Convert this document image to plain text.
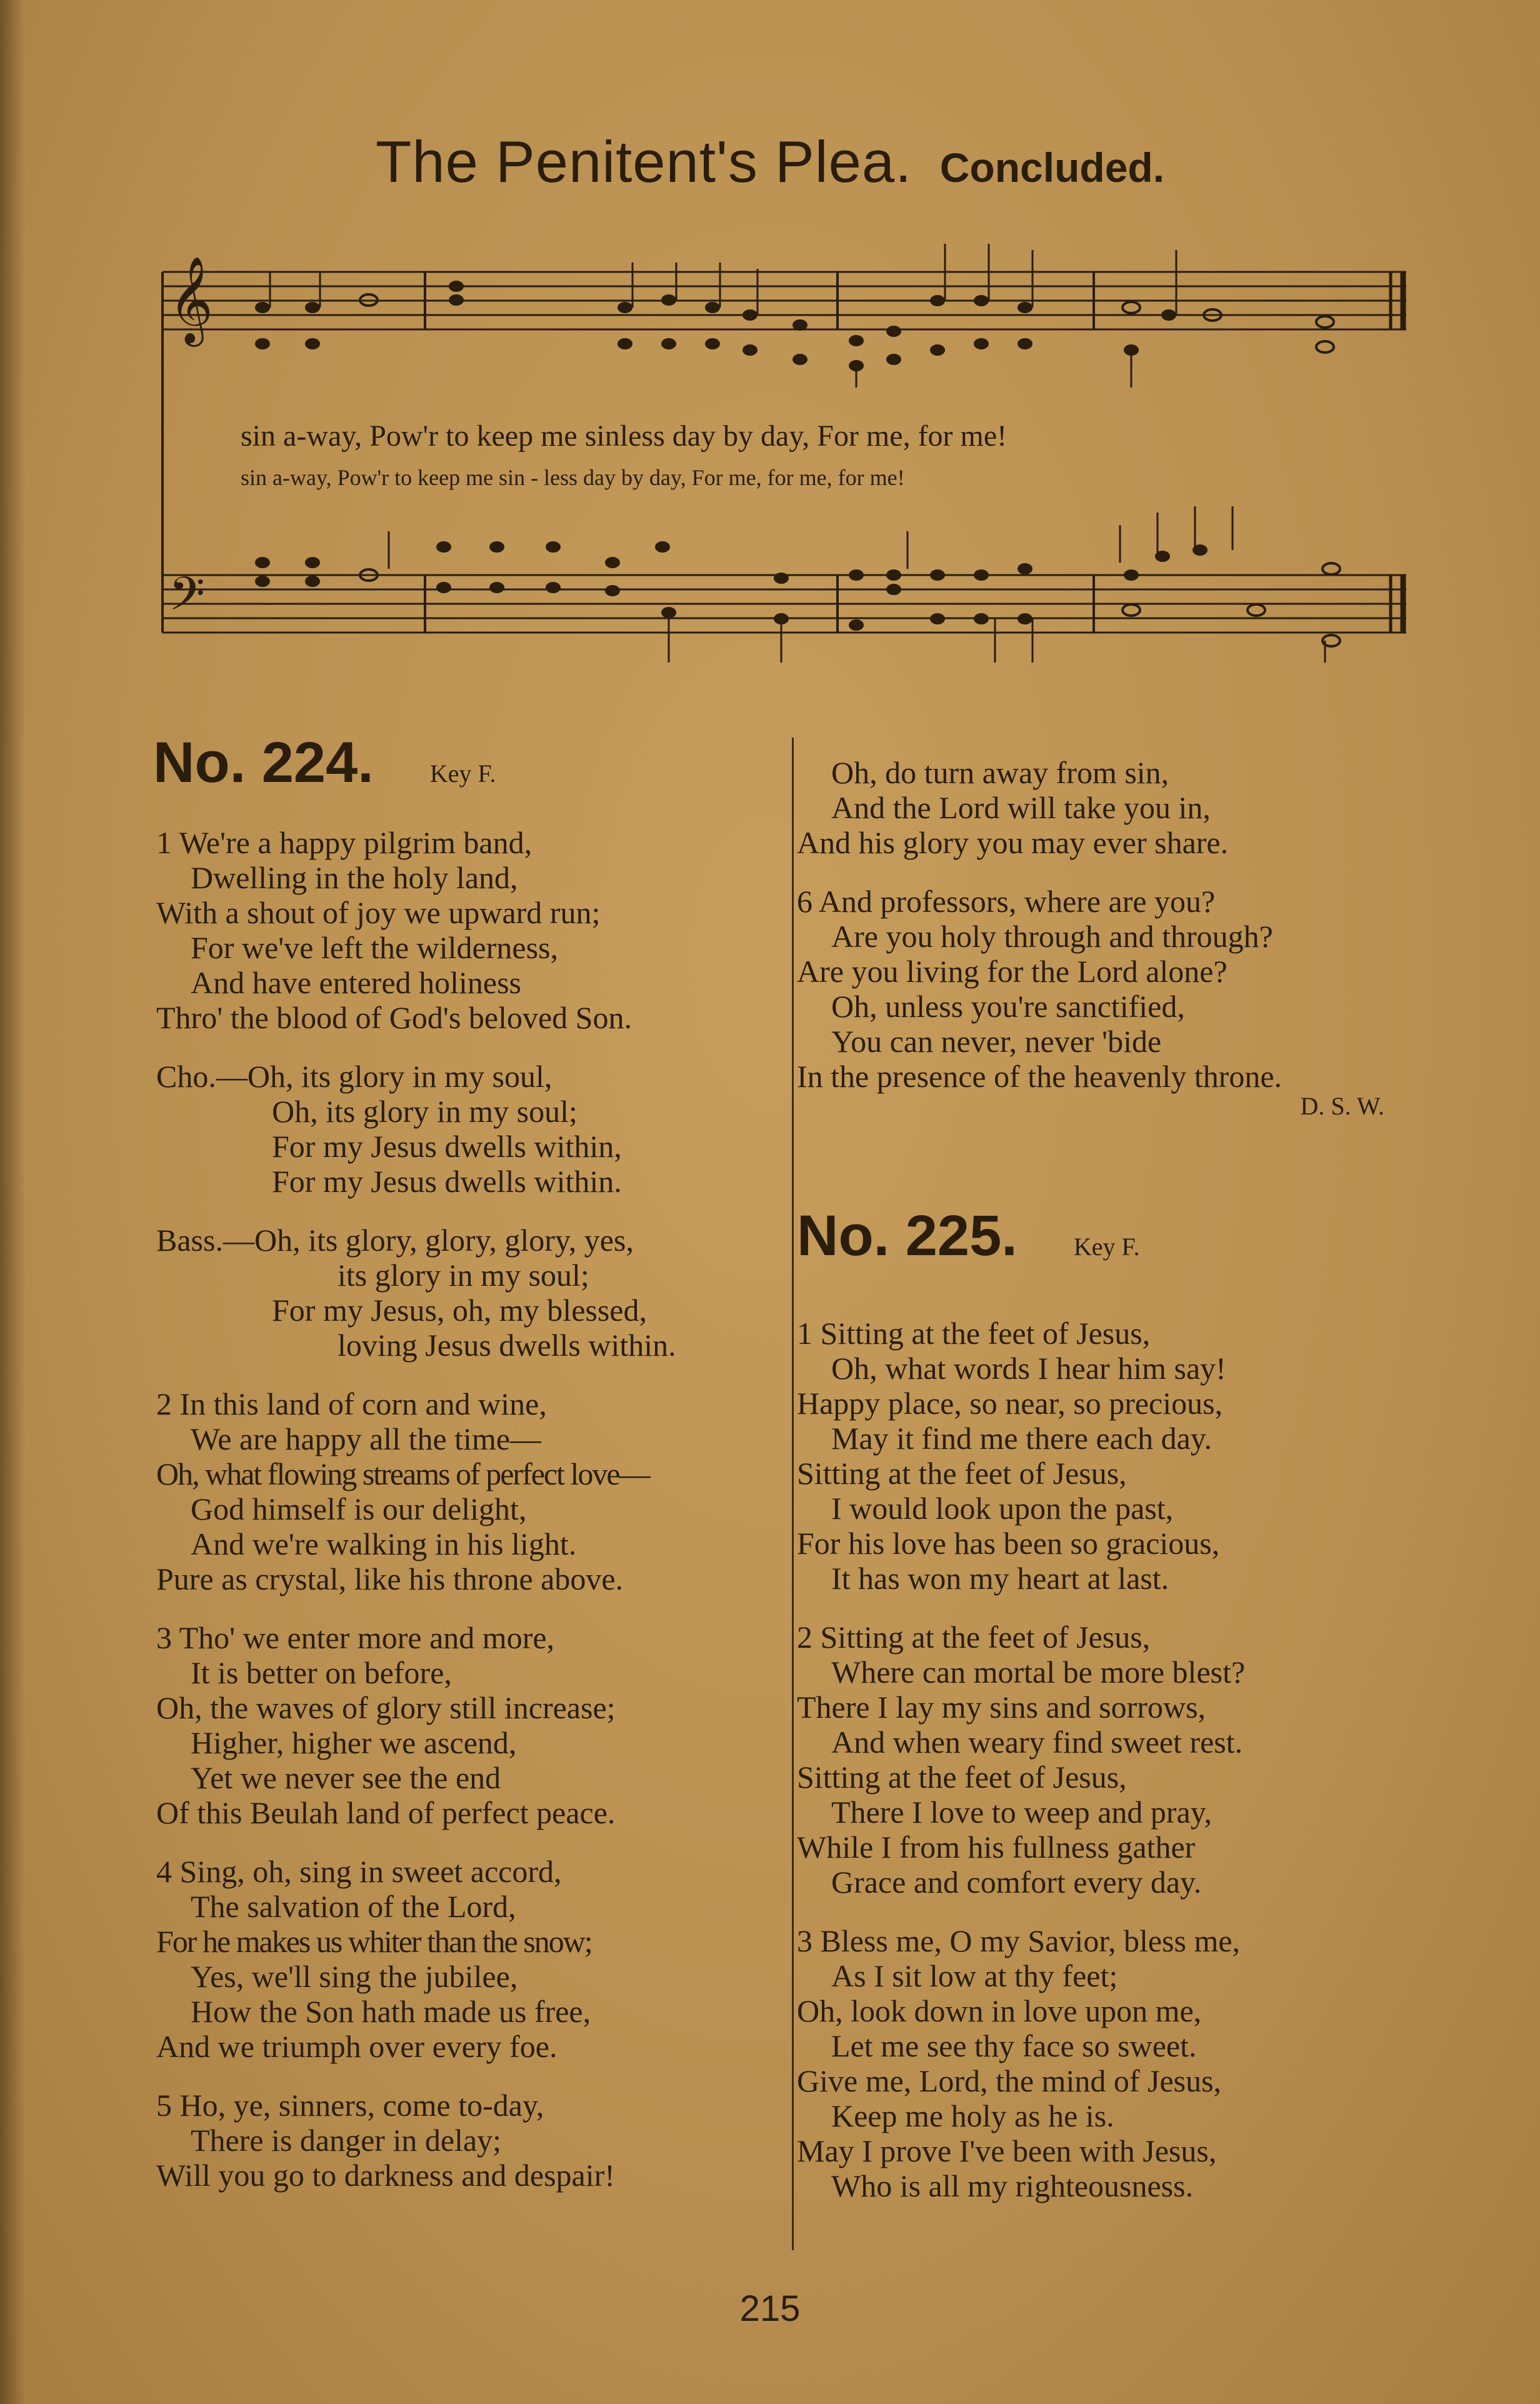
The Penitent's Plea. Concluded.
𝄞
𝄢
sin a-way, Pow'r to keep me sinless day by day, For me, for me!
sin a-way, Pow'r to keep me sin - less day by day, For me, for me, for me!
No. 224. Key F.
1 We're a happy pilgrim band,
Dwelling in the holy land,
With a shout of joy we upward run;
For we've left the wilderness,
And have entered holiness
Thro' the blood of God's beloved Son.
Cho.—Oh, its glory in my soul,
Oh, its glory in my soul;
For my Jesus dwells within,
For my Jesus dwells within.
Bass.—Oh, its glory, glory, glory, yes,
its glory in my soul;
For my Jesus, oh, my blessed,
loving Jesus dwells within.
2 In this land of corn and wine,
We are happy all the time—
Oh, what flowing streams of perfect love—
God himself is our delight,
And we're walking in his light.
Pure as crystal, like his throne above.
3 Tho' we enter more and more,
It is better on before,
Oh, the waves of glory still increase;
Higher, higher we ascend,
Yet we never see the end
Of this Beulah land of perfect peace.
4 Sing, oh, sing in sweet accord,
The salvation of the Lord,
For he makes us whiter than the snow;
Yes, we'll sing the jubilee,
How the Son hath made us free,
And we triumph over every foe.
5 Ho, ye, sinners, come to-day,
There is danger in delay;
Will you go to darkness and despair!
Oh, do turn away from sin,
And the Lord will take you in,
And his glory you may ever share.
6 And professors, where are you?
Are you holy through and through?
Are you living for the Lord alone?
Oh, unless you're sanctified,
You can never, never 'bide
In the presence of the heavenly throne.
D. S. W.
No. 225. Key F.
1 Sitting at the feet of Jesus,
Oh, what words I hear him say!
Happy place, so near, so precious,
May it find me there each day.
Sitting at the feet of Jesus,
I would look upon the past,
For his love has been so gracious,
It has won my heart at last.
2 Sitting at the feet of Jesus,
Where can mortal be more blest?
There I lay my sins and sorrows,
And when weary find sweet rest.
Sitting at the feet of Jesus,
There I love to weep and pray,
While I from his fullness gather
Grace and comfort every day.
3 Bless me, O my Savior, bless me,
As I sit low at thy feet;
Oh, look down in love upon me,
Let me see thy face so sweet.
Give me, Lord, the mind of Jesus,
Keep me holy as he is.
May I prove I've been with Jesus,
Who is all my righteousness.
215
